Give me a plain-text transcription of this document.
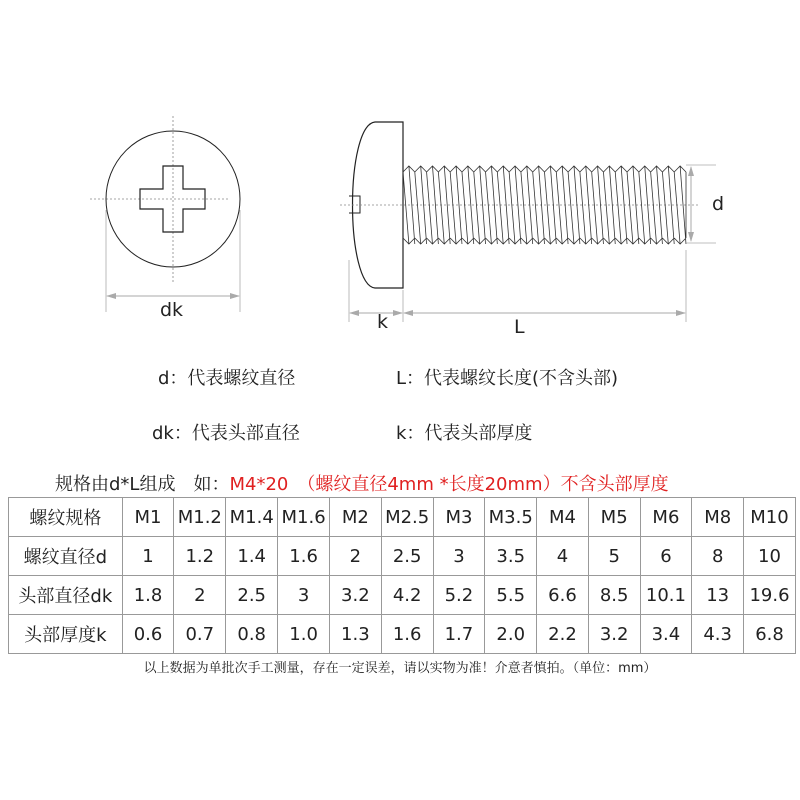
dk
k	L
d
d：代表螺纹直径	L：代表螺纹长度(不含头部)
dk：代表头部直径	k：代表头部厚度
规格由d*L组成　如：M4*20　（螺纹直径4mm *长度20mm）不含头部厚度
螺纹规格	M1	M1.2	M1.4	M1.6	M2	M2.5	M3	M3.5	M4	M5	M6	M8	M10
螺纹直径d	1	1.2	1.4	1.6	2	2.5	3	3.5	4	5	6	8	10
头部直径dk	1.8	2	2.5	3	3.2	4.2	5.2	5.5	6.6	8.5	10.1	13	19.6
头部厚度k	0.6	0.7	0.8	1.0	1.3	1.6	1.7	2.0	2.2	3.2	3.4	4.3	6.8
以上数据为单批次手工测量，存在一定误差，请以实物为准！介意者慎拍。（单位：mm）
